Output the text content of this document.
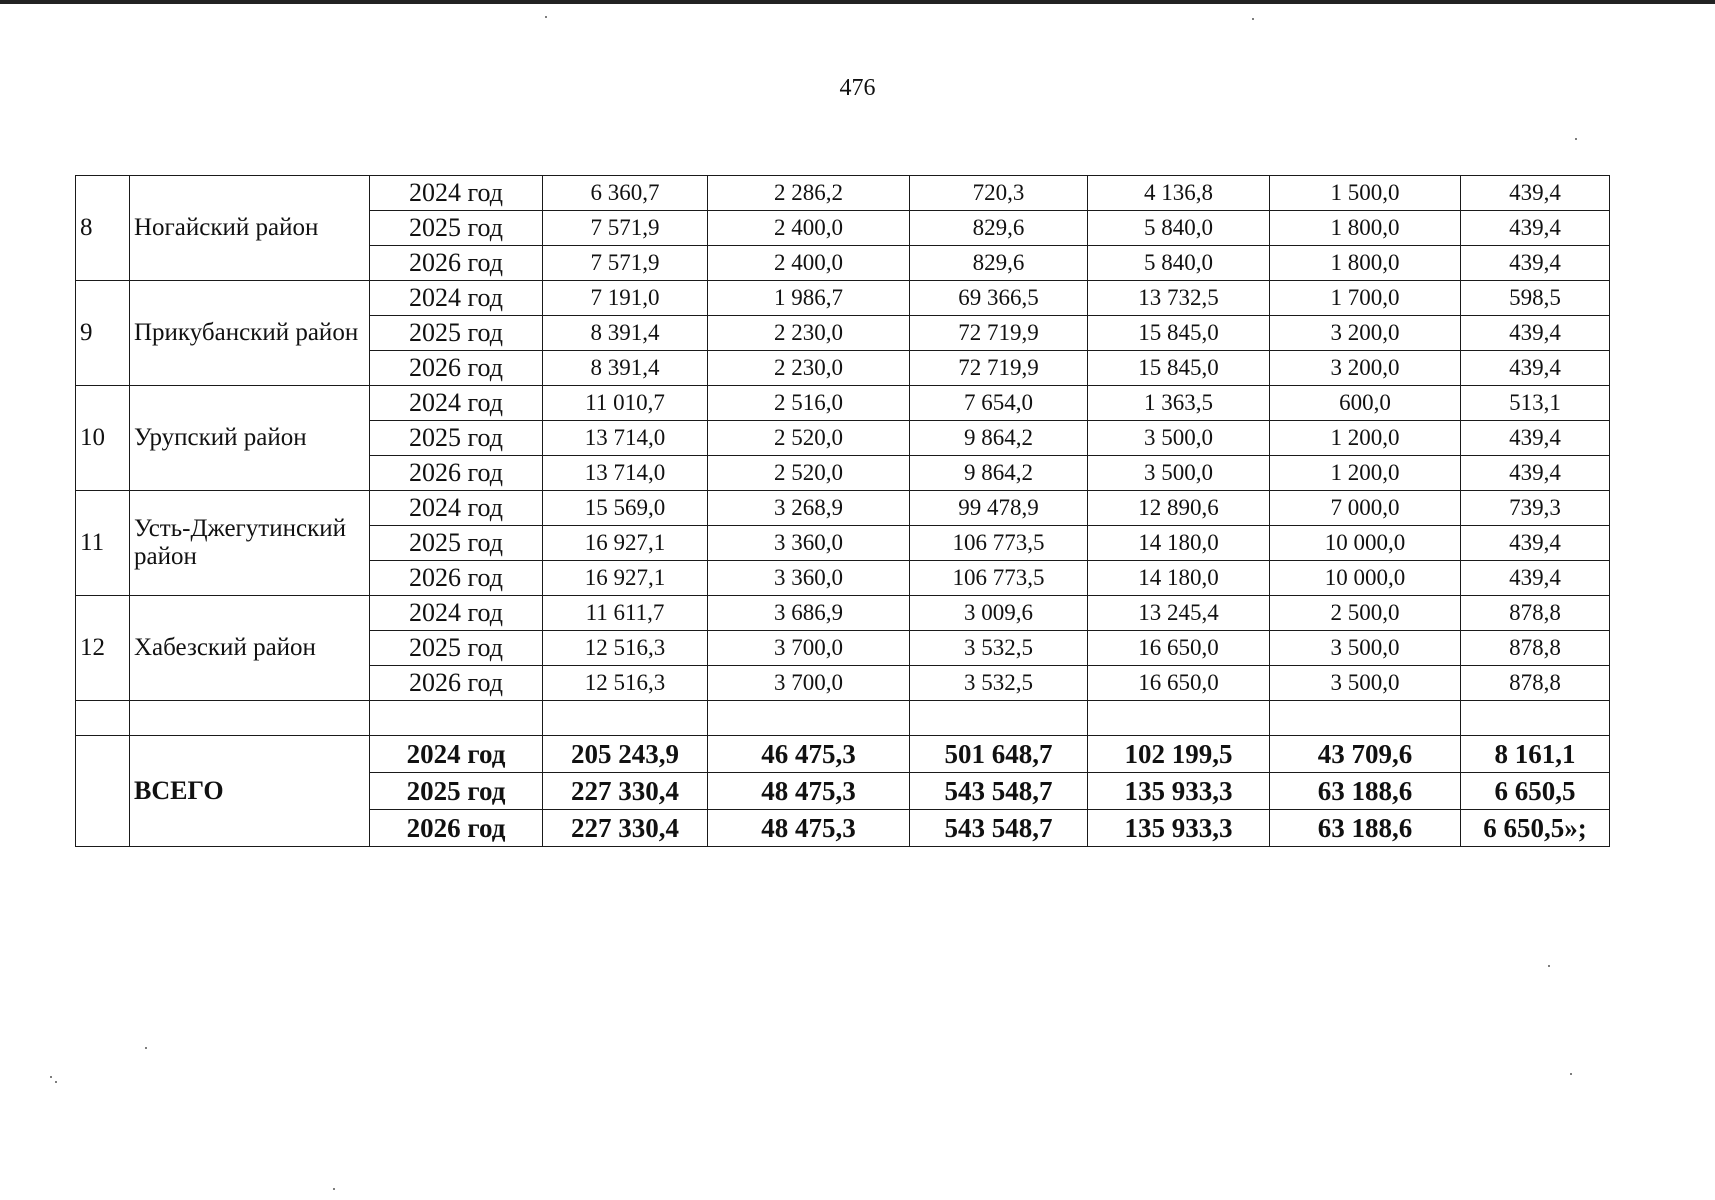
476
8	Ногайский район	2024 год	6 360,7	2 286,2	720,3	4 136,8	1 500,0	439,4
		2025 год	7 571,9	2 400,0	829,6	5 840,0	1 800,0	439,4
		2026 год	7 571,9	2 400,0	829,6	5 840,0	1 800,0	439,4
9	Прикубанский район	2024 год	7 191,0	1 986,7	69 366,5	13 732,5	1 700,0	598,5
		2025 год	8 391,4	2 230,0	72 719,9	15 845,0	3 200,0	439,4
		2026 год	8 391,4	2 230,0	72 719,9	15 845,0	3 200,0	439,4
10	Урупский район	2024 год	11 010,7	2 516,0	7 654,0	1 363,5	600,0	513,1
		2025 год	13 714,0	2 520,0	9 864,2	3 500,0	1 200,0	439,4
		2026 год	13 714,0	2 520,0	9 864,2	3 500,0	1 200,0	439,4
11	Усть-Джегутинский район	2024 год	15 569,0	3 268,9	99 478,9	12 890,6	7 000,0	739,3
		2025 год	16 927,1	3 360,0	106 773,5	14 180,0	10 000,0	439,4
		2026 год	16 927,1	3 360,0	106 773,5	14 180,0	10 000,0	439,4
12	Хабезский район	2024 год	11 611,7	3 686,9	3 009,6	13 245,4	2 500,0	878,8
		2025 год	12 516,3	3 700,0	3 532,5	16 650,0	3 500,0	878,8
		2026 год	12 516,3	3 700,0	3 532,5	16 650,0	3 500,0	878,8

	ВСЕГО	2024 год	205 243,9	46 475,3	501 648,7	102 199,5	43 709,6	8 161,1
		2025 год	227 330,4	48 475,3	543 548,7	135 933,3	63 188,6	6 650,5
		2026 год	227 330,4	48 475,3	543 548,7	135 933,3	63 188,6	6 650,5»;
